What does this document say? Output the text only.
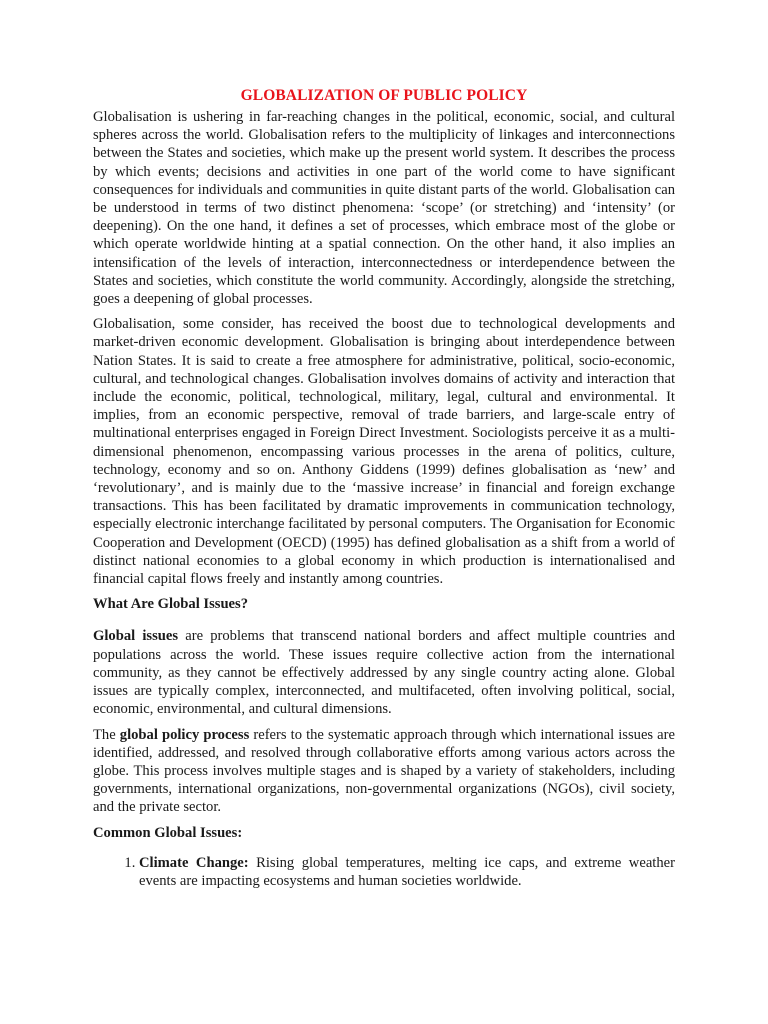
GLOBALIZATION OF PUBLIC POLICY

Globalisation is ushering in far-reaching changes in the political, economic, social, and cultural spheres across the world. Globalisation refers to the multiplicity of linkages and interconnections between the States and societies, which make up the present world system. It describes the process by which events; decisions and activities in one part of the world come to have significant consequences for individuals and communities in quite distant parts of the world. Globalisation can be understood in terms of two distinct phenomena: ‘scope’ (or stretching) and ‘intensity’ (or deepening). On the one hand, it defines a set of processes, which embrace most of the globe or which operate worldwide hinting at a spatial connection. On the other hand, it also implies an intensification of the levels of interaction, interconnectedness or interdependence between the States and societies, which constitute the world community. Accordingly, alongside the stretching, goes a deepening of global processes.

Globalisation, some consider, has received the boost due to technological developments and market-driven economic development. Globalisation is bringing about interdependence between Nation States. It is said to create a free atmosphere for administrative, political, socio-economic, cultural, and technological changes. Globalisation involves domains of activity and interaction that include the economic, political, technological, military, legal, cultural and environmental. It implies, from an economic perspective, removal of trade barriers, and large-scale entry of multinational enterprises engaged in Foreign Direct Investment. Sociologists perceive it as a multi-dimensional phenomenon, encompassing various processes in the arena of politics, culture, technology, economy and so on. Anthony Giddens (1999) defines globalisation as ‘new’ and ‘revolutionary’, and is mainly due to the ‘massive increase’ in financial and foreign exchange transactions. This has been facilitated by dramatic improvements in communication technology, especially electronic interchange facilitated by personal computers. The Organisation for Economic Cooperation and Development (OECD) (1995) has defined globalisation as a shift from a world of distinct national economies to a global economy in which production is internationalised and financial capital flows freely and instantly among countries.

What Are Global Issues?

Global issues are problems that transcend national borders and affect multiple countries and populations across the world. These issues require collective action from the international community, as they cannot be effectively addressed by any single country acting alone. Global issues are typically complex, interconnected, and multifaceted, often involving political, social, economic, environmental, and cultural dimensions.

The global policy process refers to the systematic approach through which international issues are identified, addressed, and resolved through collaborative efforts among various actors across the globe. This process involves multiple stages and is shaped by a variety of stakeholders, including governments, international organizations, non-governmental organizations (NGOs), civil society, and the private sector.

Common Global Issues:
1. Climate Change: Rising global temperatures, melting ice caps, and extreme weather events are impacting ecosystems and human societies worldwide.
